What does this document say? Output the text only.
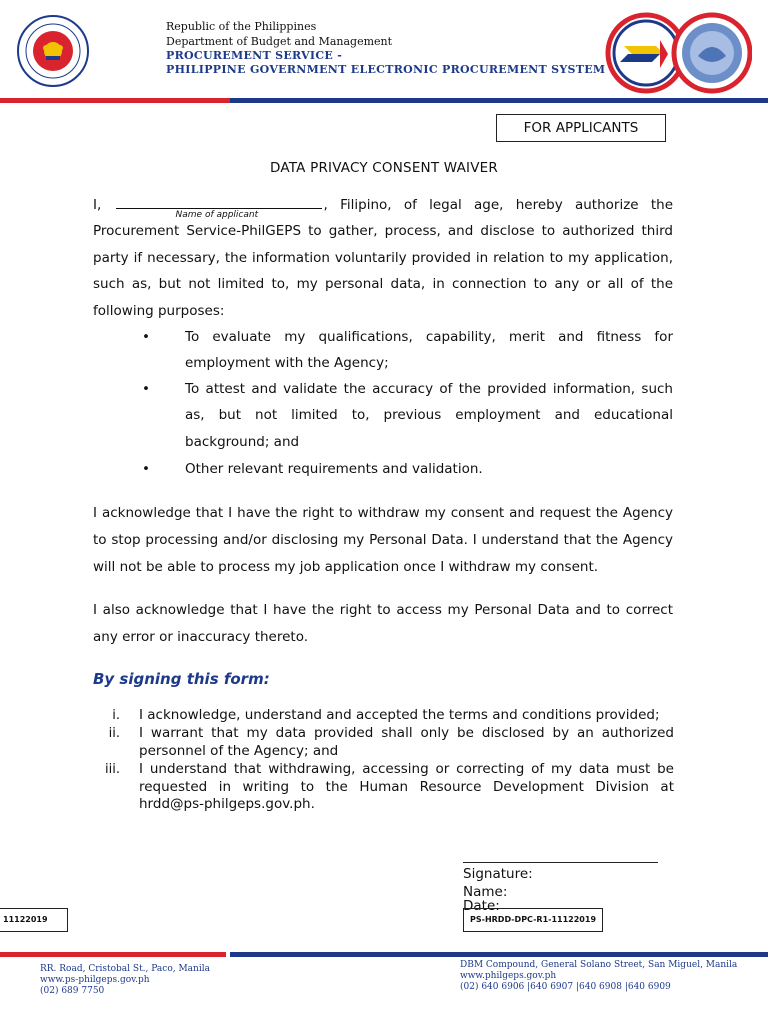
Republic of the Philippines
Department of Budget and Management
PROCUREMENT SERVICE -
PHILIPPINE GOVERNMENT ELECTRONIC PROCUREMENT SYSTEM
FOR APPLICANTS
DATA PRIVACY CONSENT WAIVER
I,
Name of applicant
, Filipino, of legal age, hereby authorize the Procurement Service-PhilGEPS to gather, process, and disclose to authorized third party if necessary, the information voluntarily provided in relation to my application, such as, but not limited to, my personal data, in connection to any or all of the following purposes:
•	To evaluate my qualifications, capability, merit and fitness for employment with the Agency;
•	To attest and validate the accuracy of the provided information, such as, but not limited to, previous employment and educational background; and
•	Other relevant requirements and validation.
I acknowledge that I have the right to withdraw my consent and request the Agency to stop processing and/or disclosing my Personal Data. I understand that the Agency will not be able to process my job application once I withdraw my consent.
I also acknowledge that I have the right to access my Personal Data and to correct any error or inaccuracy thereto.
By signing this form:
i. I acknowledge, understand and accepted the terms and conditions provided;
ii. I warrant that my data provided shall only be disclosed by an authorized personnel of the Agency; and
iii. I understand that withdrawing, accessing or correcting of my data must be requested in writing to the Human Resource Development Division at hrdd@ps-philgeps.gov.ph.
Signature:
Name:
Date:
11122019	PS-HRDD-DPC-R1-11122019
RR. Road, Cristobal St., Paco, Manila
www.ps-philgeps.gov.ph
(02) 689 7750
DBM Compound, General Solano Street, San Miguel, Manila
www.philgeps.gov.ph
(02) 640 6906 |640 6907 |640 6908 |640 6909
